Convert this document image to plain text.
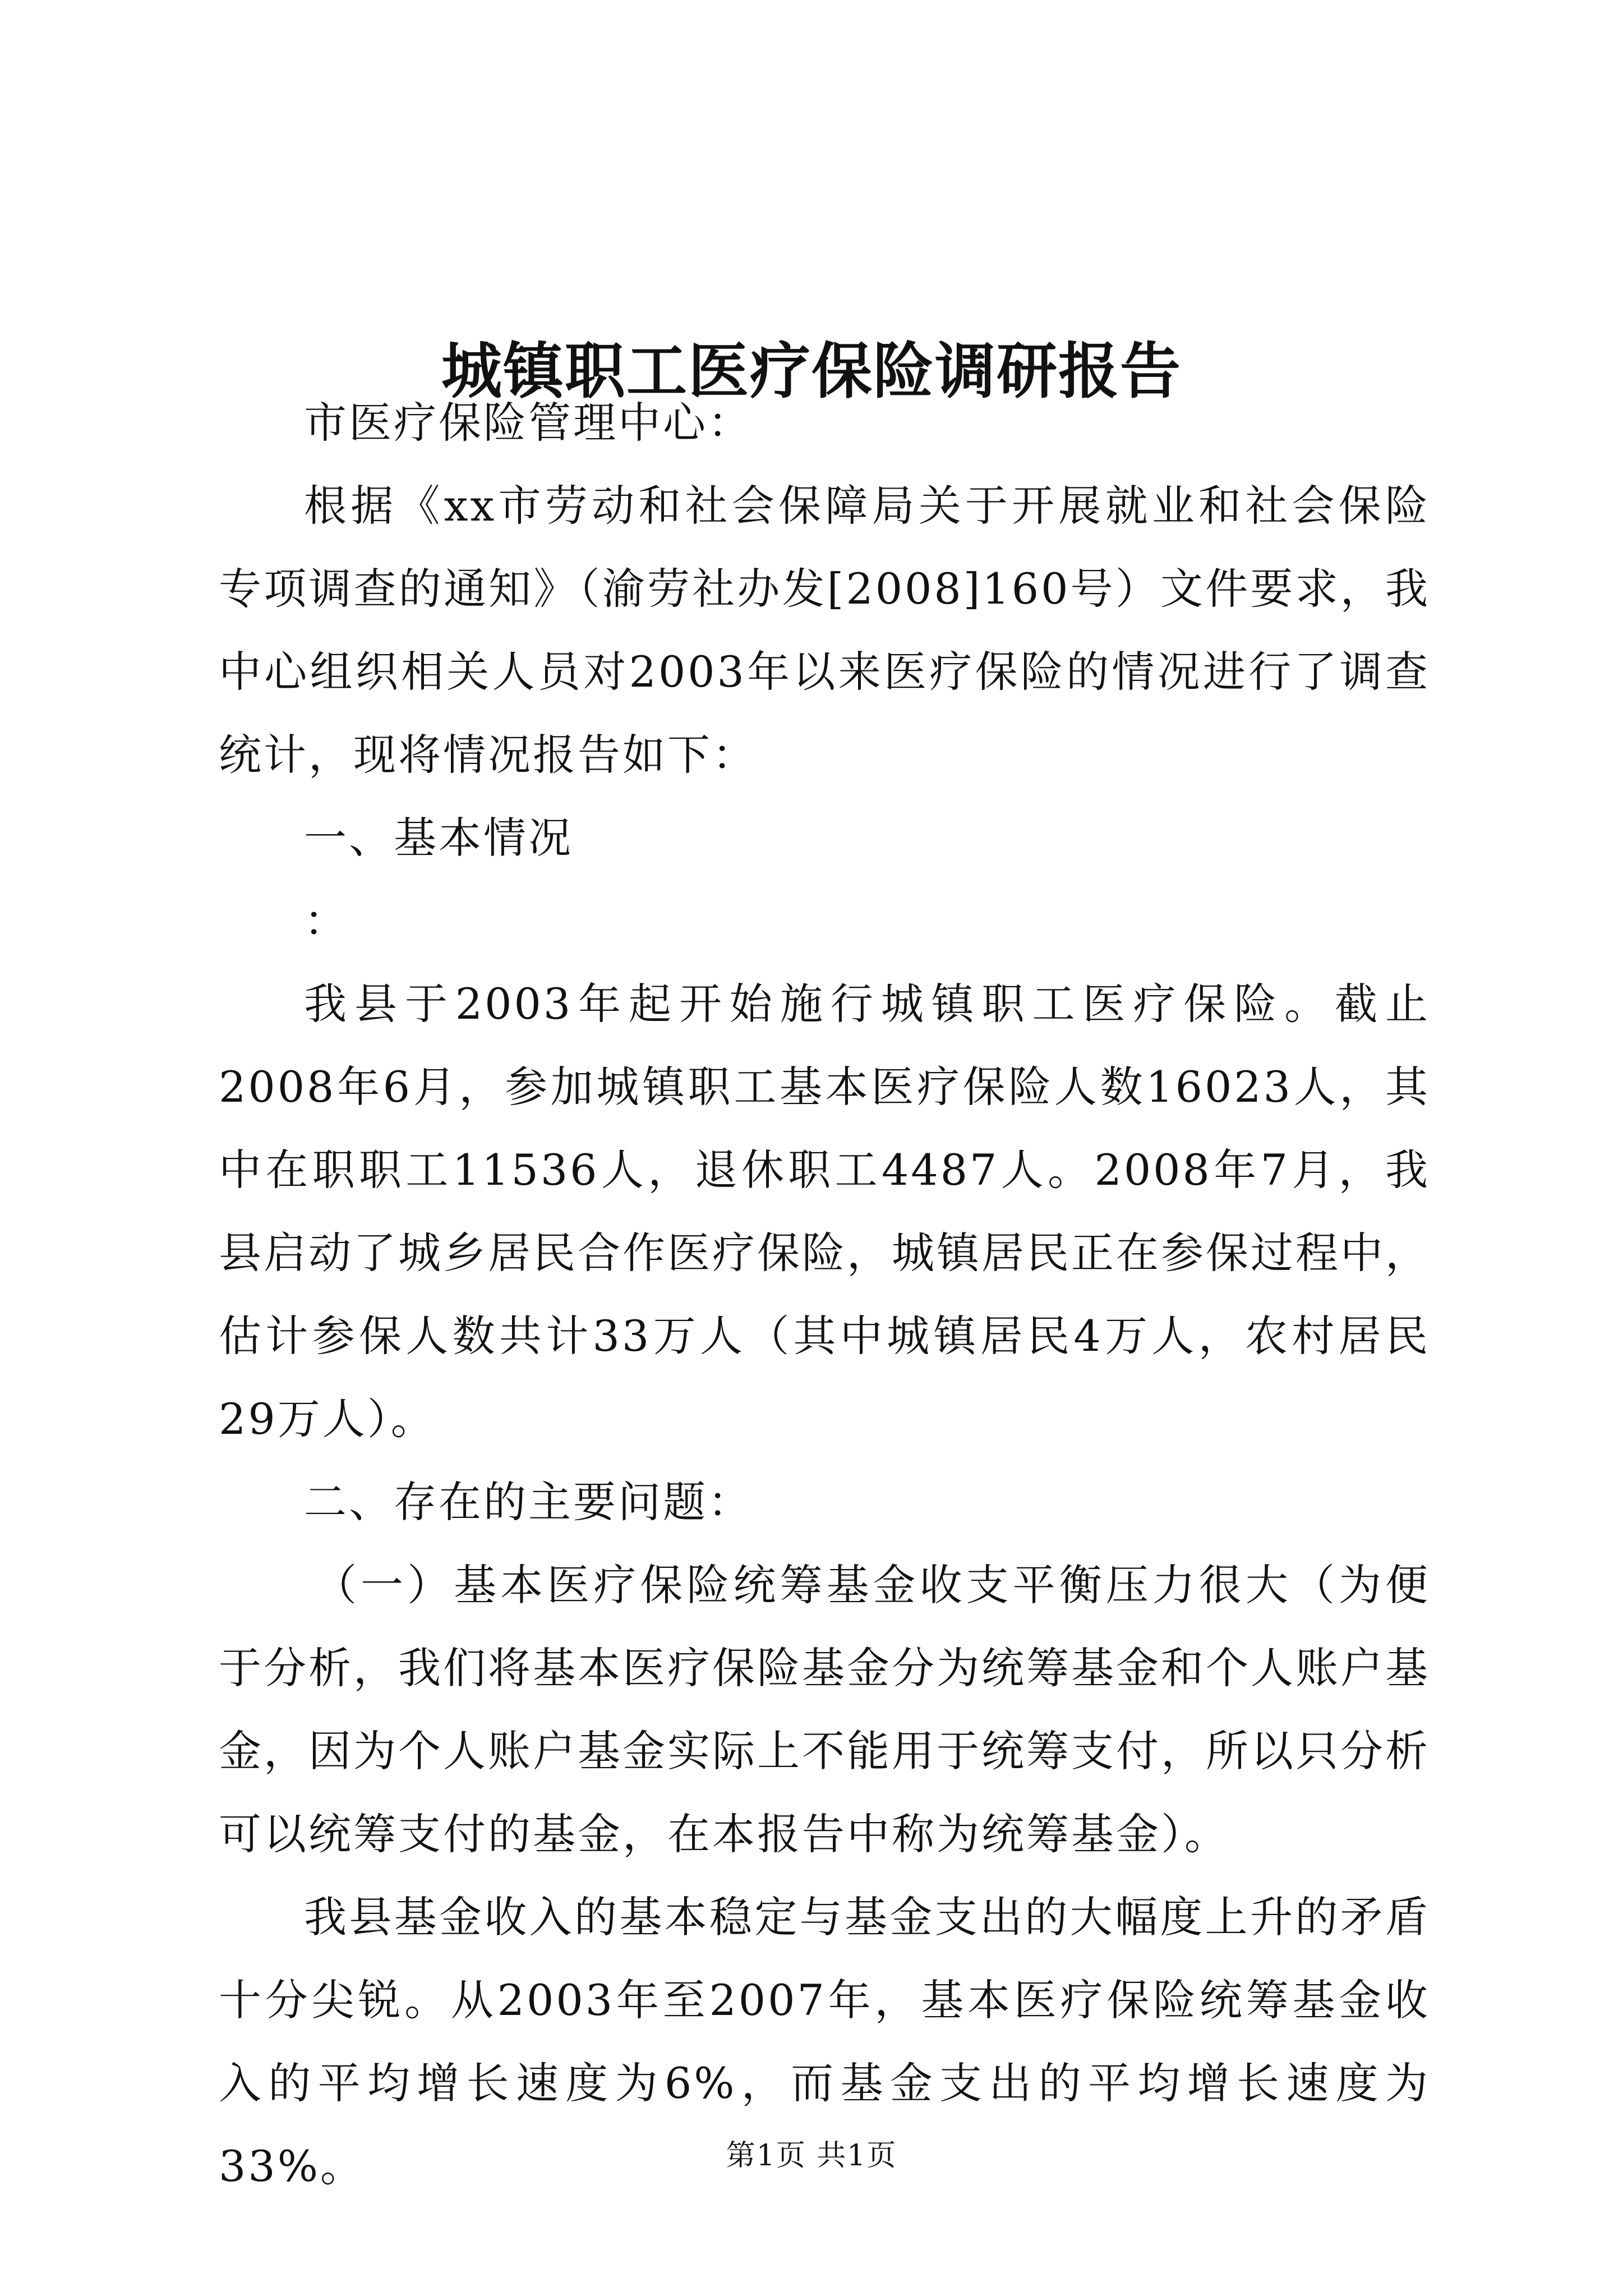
城镇职工医疗保险调研报告

市医疗保险管理中心：

根据《xx市劳动和社会保障局关于开展就业和社会保险专项调查的通知》（渝劳社办发[2008]160号）文件要求，我中心组织相关人员对2003年以来医疗保险的情况进行了调查统计，现将情况报告如下：

一、基本情况

：

我县于2003年起开始施行城镇职工医疗保险。截止2008年6月，参加城镇职工基本医疗保险人数16023人，其中在职职工11536人，退休职工4487人。2008年7月，我县启动了城乡居民合作医疗保险，城镇居民正在参保过程中，估计参保人数共计33万人（其中城镇居民4万人，农村居民29万人）。

二、存在的主要问题：

（一）基本医疗保险统筹基金收支平衡压力很大（为便于分析，我们将基本医疗保险基金分为统筹基金和个人账户基金，因为个人账户基金实际上不能用于统筹支付，所以只分析可以统筹支付的基金，在本报告中称为统筹基金）。

我县基金收入的基本稳定与基金支出的大幅度上升的矛盾十分尖锐。从2003年至2007年，基本医疗保险统筹基金收入的平均增长速度为6%，而基金支出的平均增长速度为33%。	第1页 共1页
